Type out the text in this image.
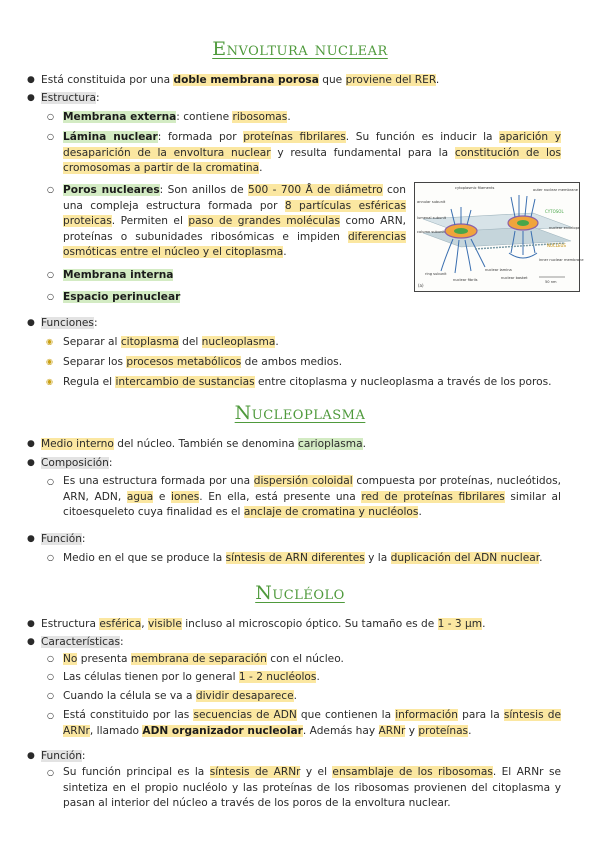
Envoltura nuclear
● Está constituida por una doble membrana porosa que proviene del RER.
● Estructura:
○ Membrana externa: contiene ribosomas.
○ Lámina nuclear: formada por proteínas fibrilares. Su función es inducir la aparición y desaparición de la envoltura nuclear y resulta fundamental para la constitución de los cromosomas a partir de la cromatina.
○ Poros nucleares: Son anillos de 500 - 700 Å de diámetro con una compleja estructura formada por 8 partículas esféricas proteicas. Permiten el paso de grandes moléculas como ARN, proteínas o subunidades ribosómicas e impiden diferencias osmóticas entre el núcleo y el citoplasma.
○ Membrana interna
○ Espacio perinuclear
cytoplasmic filaments	outer nuclear membrane
annular subunit
CYTOSOL
lumenal subunit
nuclear envelope
column subunit
NUCLEUS
ring subunit
nuclear lamina
inner nuclear membrane
nuclear fibrils	nuclear basket
50 nm
(a)
● Funciones:
◉ Separar al citoplasma del nucleoplasma.
◉ Separar los procesos metabólicos de ambos medios.
◉ Regula el intercambio de sustancias entre citoplasma y nucleoplasma a través de los poros.
Nucleoplasma
● Medio interno del núcleo. También se denomina carioplasma.
● Composición:
○ Es una estructura formada por una dispersión coloidal compuesta por proteínas, nucleótidos, ARN, ADN, agua e iones. En ella, está presente una red de proteínas fibrilares similar al citoesqueleto cuya finalidad es el anclaje de cromatina y nucléolos.
● Función:
○ Medio en el que se produce la síntesis de ARN diferentes y la duplicación del ADN nuclear.
Nucléolo
● Estructura esférica, visible incluso al microscopio óptico. Su tamaño es de 1 - 3 µm.
● Características:
○ No presenta membrana de separación con el núcleo.
○ Las células tienen por lo general 1 - 2 nucléolos.
○ Cuando la célula se va a dividir desaparece.
○ Está constituido por las secuencias de ADN que contienen la información para la síntesis de ARNr, llamado ADN organizador nucleolar. Además hay ARNr y proteínas.
● Función:
○ Su función principal es la síntesis de ARNr y el ensamblaje de los ribosomas. El ARNr se sintetiza en el propio nucléolo y las proteínas de los ribosomas provienen del citoplasma y pasan al interior del núcleo a través de los poros de la envoltura nuclear.
